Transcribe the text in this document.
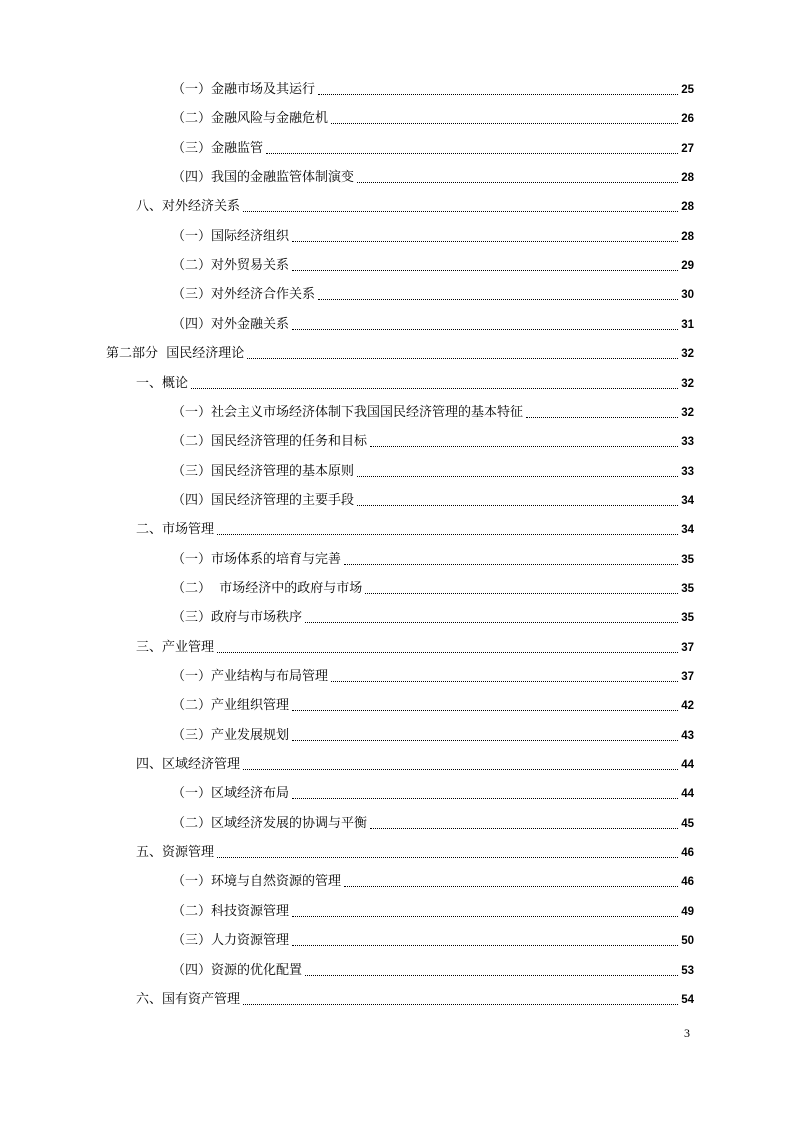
（一）金融市场及其运行	25
（二）金融风险与金融危机	26
（三）金融监管	27
（四）我国的金融监管体制演变	28
八、对外经济关系	28
（一）国际经济组织	28
（二）对外贸易关系	29
（三）对外经济合作关系	30
（四）对外金融关系	31
第二部分  国民经济理论	32
一、概论	32
（一）社会主义市场经济体制下我国国民经济管理的基本特征	32
（二）国民经济管理的任务和目标	33
（三）国民经济管理的基本原则	33
（四）国民经济管理的主要手段	34
二、市场管理	34
（一）市场体系的培育与完善	35
（二）  市场经济中的政府与市场	35
（三）政府与市场秩序	35
三、产业管理	37
（一）产业结构与布局管理	37
（二）产业组织管理	42
（三）产业发展规划	43
四、区域经济管理	44
（一）区域经济布局	44
（二）区域经济发展的协调与平衡	45
五、资源管理	46
（一）环境与自然资源的管理	46
（二）科技资源管理	49
（三）人力资源管理	50
（四）资源的优化配置	53
六、国有资产管理	54
3
